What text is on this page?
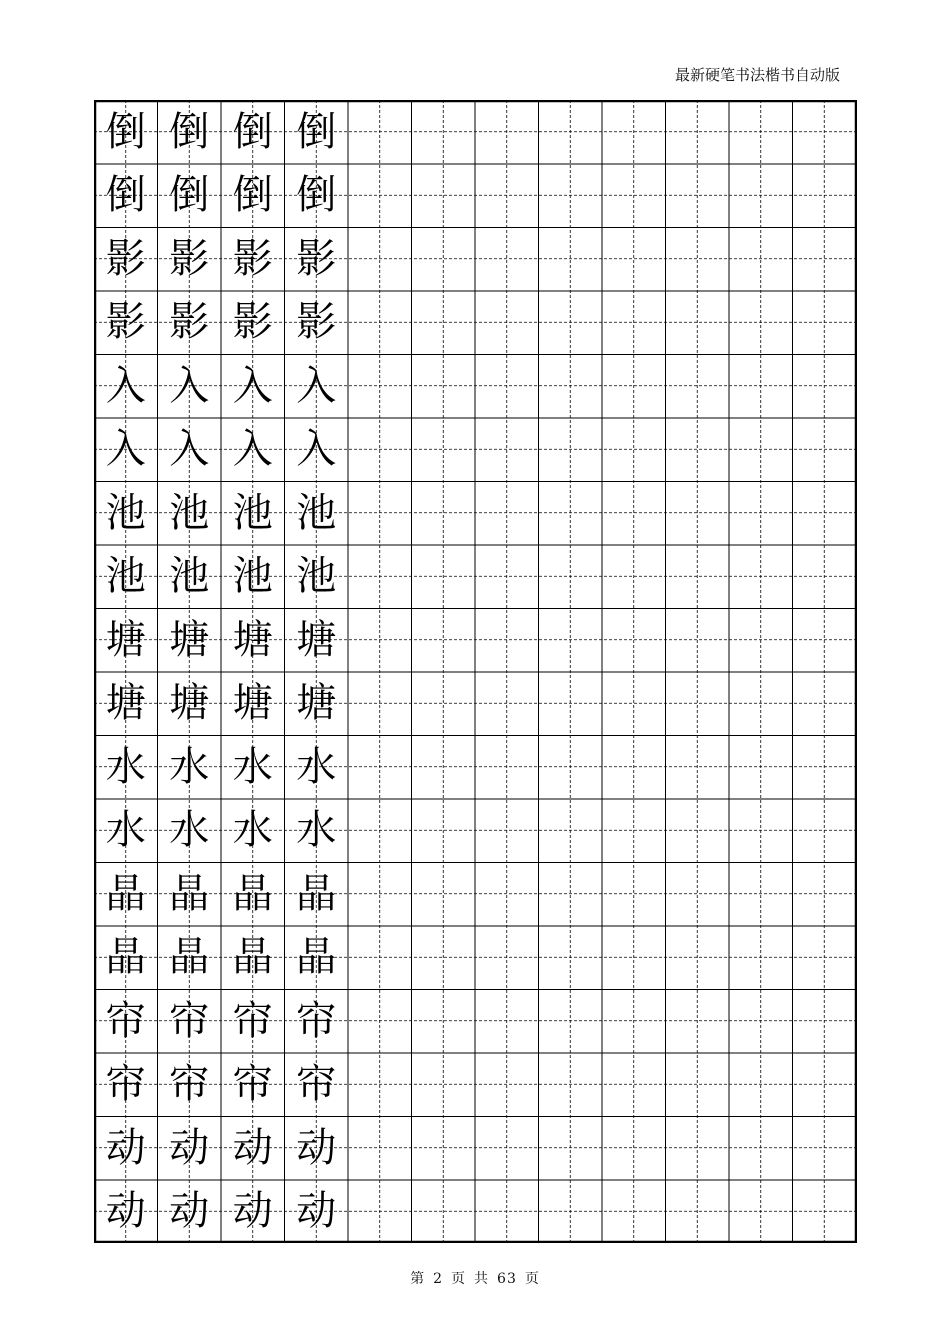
最新硬笔书法楷书自动版
倒 倒 倒 倒
倒 倒 倒 倒
影 影 影 影
影 影 影 影
入 入 入 入
入 入 入 入
池 池 池 池
池 池 池 池
塘 塘 塘 塘
塘 塘 塘 塘
水 水 水 水
水 水 水 水
晶 晶 晶 晶
晶 晶 晶 晶
帘 帘 帘 帘
帘 帘 帘 帘
动 动 动 动
动 动 动 动
第 2 页 共 63 页
